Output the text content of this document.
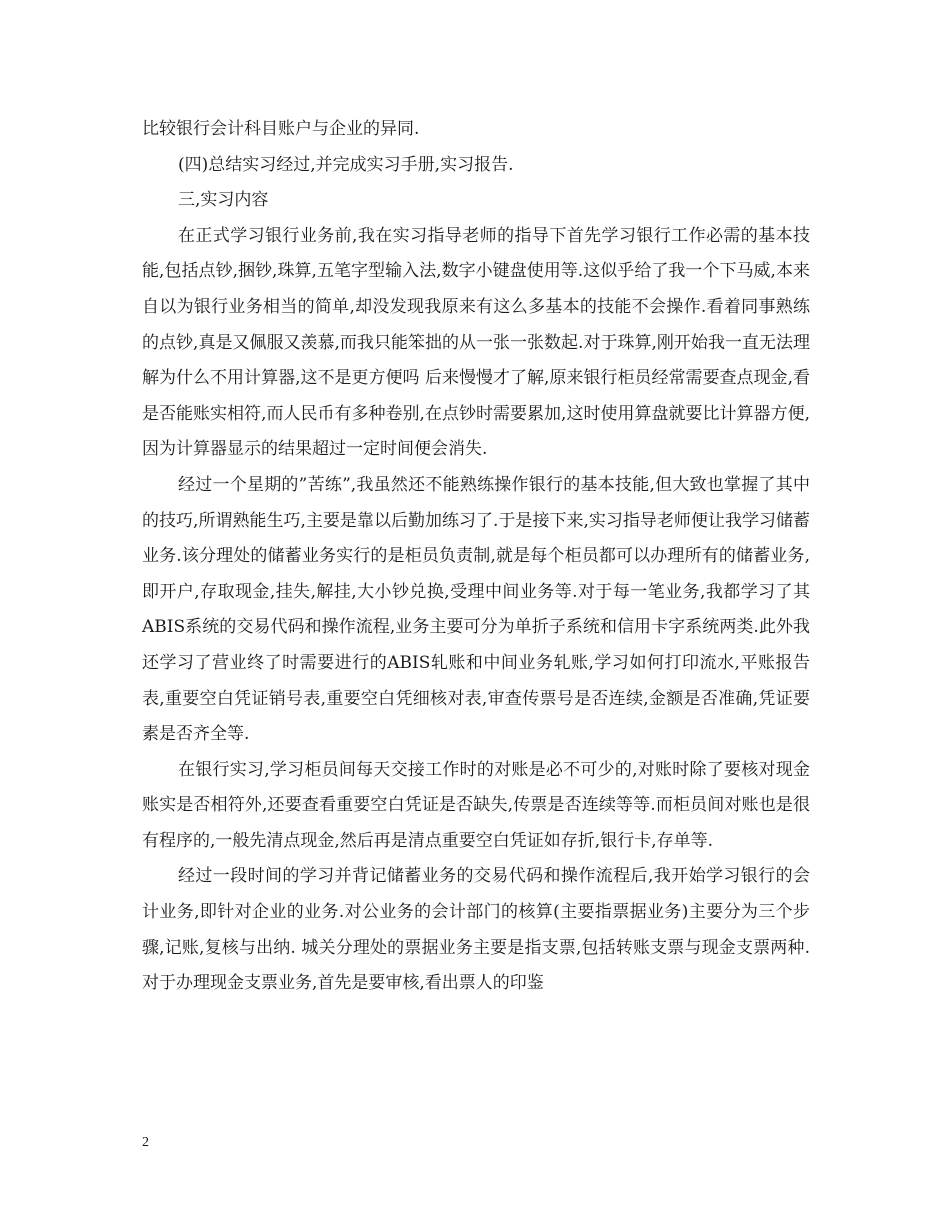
比较银行会计科目账户与企业的异同.

(四)总结实习经过,并完成实习手册,实习报告.

三,实习内容

在正式学习银行业务前,我在实习指导老师的指导下首先学习银行工作必需的基本技能,包括点钞,捆钞,珠算,五笔字型输入法,数字小键盘使用等.这似乎给了我一个下马威,本来自以为银行业务相当的简单,却没发现我原来有这么多基本的技能不会操作.看着同事熟练的点钞,真是又佩服又羡慕,而我只能笨拙的从一张一张数起.对于珠算,刚开始我一直无法理解为什么不用计算器,这不是更方便吗 后来慢慢才了解,原来银行柜员经常需要查点现金,看是否能账实相符,而人民币有多种卷别,在点钞时需要累加,这时使用算盘就要比计算器方便,因为计算器显示的结果超过一定时间便会消失.

经过一个星期的”苦练”,我虽然还不能熟练操作银行的基本技能,但大致也掌握了其中的技巧,所谓熟能生巧,主要是靠以后勤加练习了.于是接下来,实习指导老师便让我学习储蓄业务.该分理处的储蓄业务实行的是柜员负责制,就是每个柜员都可以办理所有的储蓄业务,即开户,存取现金,挂失,解挂,大小钞兑换,受理中间业务等.对于每一笔业务,我都学习了其ABIS系统的交易代码和操作流程,业务主要可分为单折子系统和信用卡字系统两类.此外我还学习了营业终了时需要进行的ABIS轧账和中间业务轧账,学习如何打印流水,平账报告表,重要空白凭证销号表,重要空白凭细核对表,审查传票号是否连续,金额是否准确,凭证要素是否齐全等.

在银行实习,学习柜员间每天交接工作时的对账是必不可少的,对账时除了要核对现金账实是否相符外,还要查看重要空白凭证是否缺失,传票是否连续等等.而柜员间对账也是很有程序的,一般先清点现金,然后再是清点重要空白凭证如存折,银行卡,存单等.

经过一段时间的学习并背记储蓄业务的交易代码和操作流程后,我开始学习银行的会计业务,即针对企业的业务.对公业务的会计部门的核算(主要指票据业务)主要分为三个步骤,记账,复核与出纳. 城关分理处的票据业务主要是指支票,包括转账支票与现金支票两种.对于办理现金支票业务,首先是要审核,看出票人的印鉴

2
